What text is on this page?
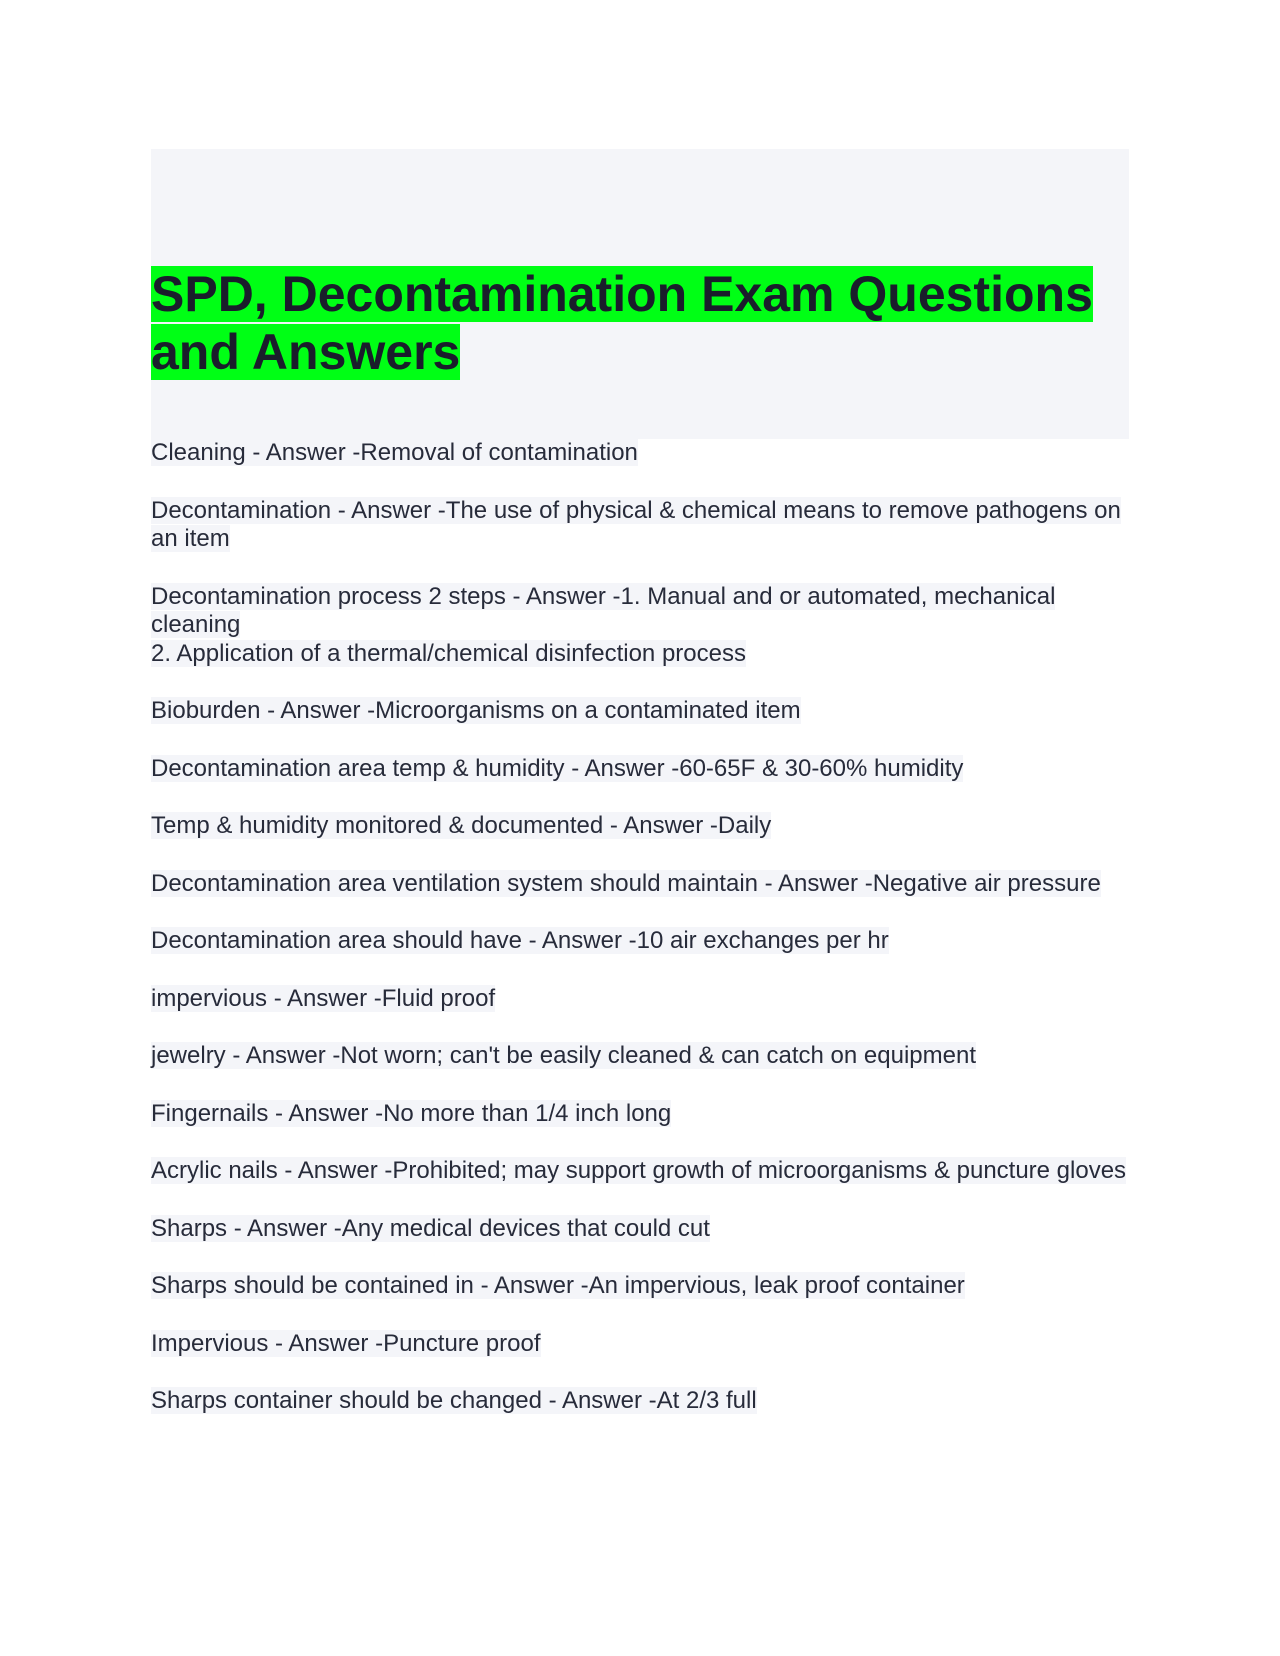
SPD, Decontamination Exam Questions and Answers
Cleaning - Answer -Removal of contamination
Decontamination - Answer -The use of physical & chemical means to remove pathogens on an item
Decontamination process 2 steps - Answer -1. Manual and or automated, mechanical cleaning
2. Application of a thermal/chemical disinfection process
Bioburden - Answer -Microorganisms on a contaminated item
Decontamination area temp & humidity - Answer -60-65F & 30-60% humidity
Temp & humidity monitored & documented - Answer -Daily
Decontamination area ventilation system should maintain - Answer -Negative air pressure
Decontamination area should have - Answer -10 air exchanges per hr
impervious - Answer -Fluid proof
jewelry - Answer -Not worn; can't be easily cleaned & can catch on equipment
Fingernails - Answer -No more than 1/4 inch long
Acrylic nails - Answer -Prohibited; may support growth of microorganisms & puncture gloves
Sharps - Answer -Any medical devices that could cut
Sharps should be contained in - Answer -An impervious, leak proof container
Impervious - Answer -Puncture proof
Sharps container should be changed - Answer -At 2/3 full
